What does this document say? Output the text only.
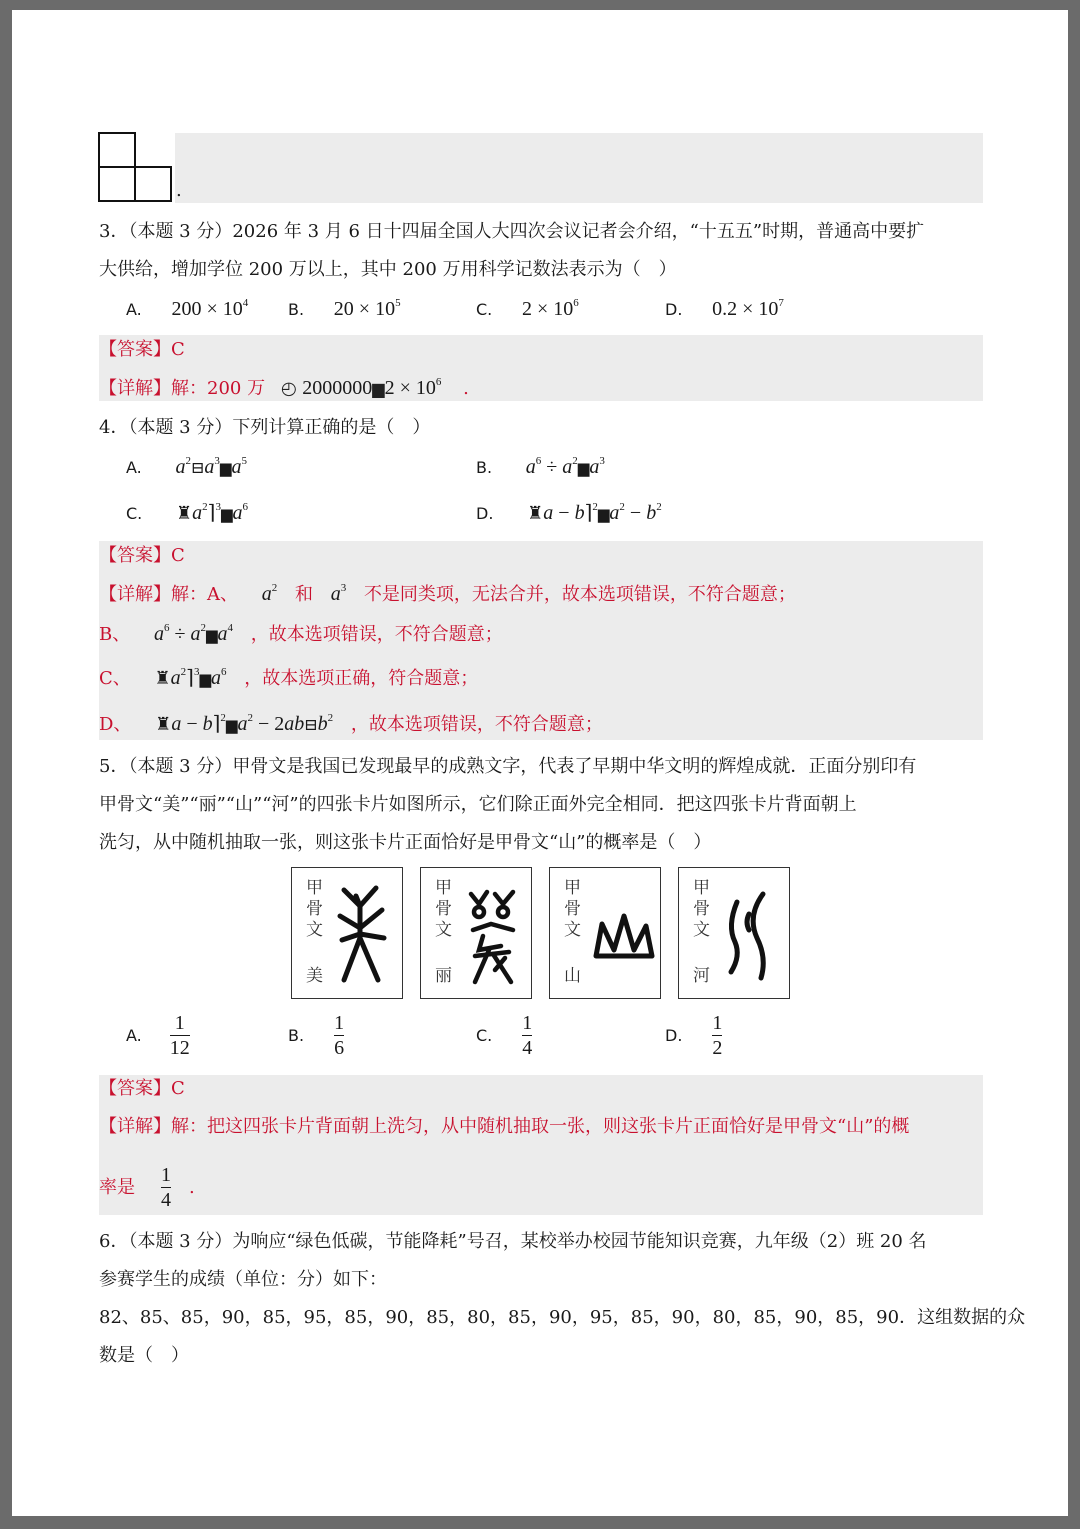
.
3．（本题 3 分）2026 年 3 月 6 日十四届全国人大四次会议记者会介绍，“十五五”时期，普通高中要扩
大供给，增加学位 200 万以上，其中 200 万用科学记数法表示为（　）
A. $200 \times 10^4$ B. $20 \times 10^5$	C. $2 \times 10^6$	D. $0.2 \times 10^7$
【答案】C
【详解】解：200 万 ◴ 2000000▆2 × $10^6$ .
4．（本题 3 分）下列计算正确的是（　）
A. $a^2⊟a^3▆a^5$	B. $a^6$ ÷ $a^2▆a^3$
C. $♜a^2⌉^3▆a^6$	D. ♜a − $b⌉^2▆a^2 - b^2$
【答案】C
【详解】解：A、 $a^2$ 和 $a^3$ 不是同类项，无法合并，故本选项错误，不符合题意；
B、 $a^6$ ÷ $a^2▆a^4$ ，故本选项错误，不符合题意；
C、 $♜a^2⌉^3▆a^6$ ，故本选项正确，符合题意；
D、 ♜a − $b⌉^2▆a^2$ − $2ab⊟b^2$ ，故本选项错误，不符合题意；
5．（本题 3 分）甲骨文是我国已发现最早的成熟文字，代表了早期中华文明的辉煌成就．正面分别印有
甲骨文“美”“丽”“山”“河”的四张卡片如图所示，它们除正面外完全相同．把这四张卡片背面朝上
洗匀，从中随机抽取一张，则这张卡片正面恰好是甲骨文“山”的概率是（　）
甲骨文
美
甲骨文
丽
甲骨文
山
甲骨文
河
A. $\frac{1}{12}$	B. $\frac{1}{6}$	C. $\frac{1}{4}$	D. $\frac{1}{2}$
【答案】C
【详解】解：把这四张卡片背面朝上洗匀，从中随机抽取一张，则这张卡片正面恰好是甲骨文“山”的概
率是 $\frac{1}{4}$ .
6．（本题 3 分）为响应“绿色低碳，节能降耗”号召，某校举办校园节能知识竞赛，九年级（2）班 20 名
参赛学生的成绩（单位：分）如下：
82、85、85，90，85，95，85，90，85，80，85，90，95，85，90，80，85，90，85，90．这组数据的众
数是（　）
